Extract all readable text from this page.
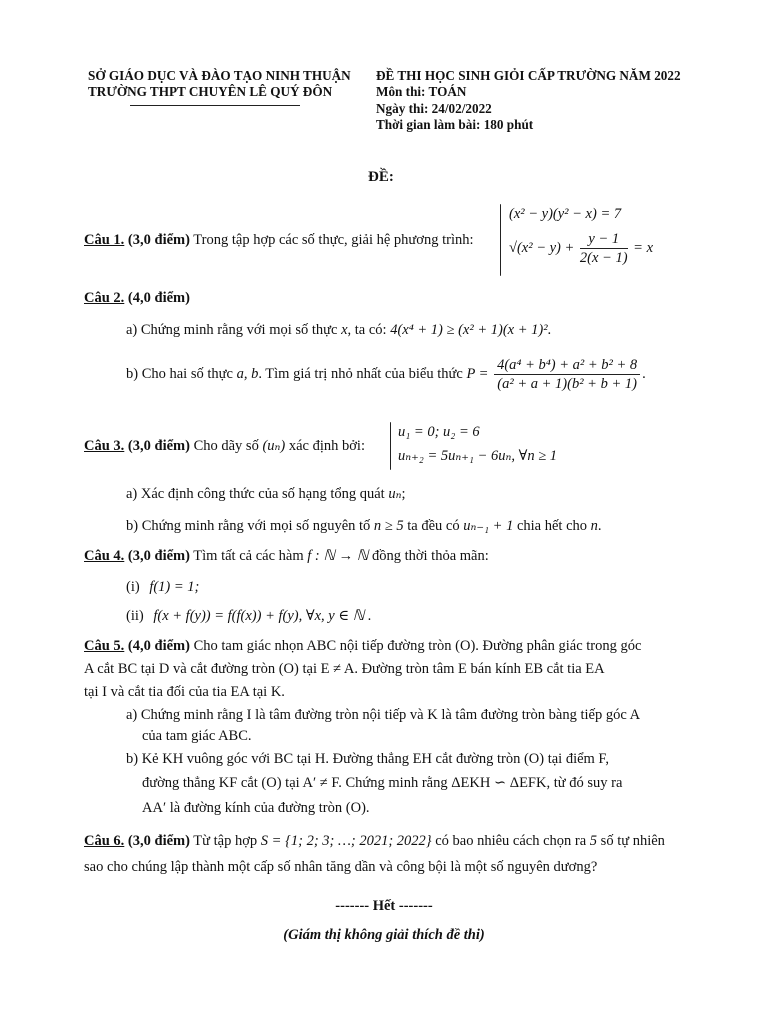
SỞ GIÁO DỤC VÀ ĐÀO TẠO NINH THUẬN
TRƯỜNG THPT CHUYÊN LÊ QUÝ ĐÔN
ĐỀ THI HỌC SINH GIỎI CẤP TRƯỜNG NĂM 2022
Môn thi: TOÁN
Ngày thi: 24/02/2022
Thời gian làm bài: 180 phút
ĐỀ:
Câu 1. (3,0 điểm) Trong tập hợp các số thực, giải hệ phương trình:
(x² − y)(y² − x) = 7
$√(x^2 - y) + \frac{y - 1}{2(x - 1)} = x$
Câu 2. (4,0 điểm)
a) Chứng minh rằng với mọi số thực x, ta có: 4(x⁴ + 1) ≥ (x² + 1)(x + 1)².
b) Cho hai số thực a, b. Tìm giá trị nhỏ nhất của biểu thức $P = \frac{\text{4(a⁴ + b⁴) + a² + b² + 8}}{\text{(a² + a + 1)(b² + b + 1)}}$ .
Câu 3. (3,0 điểm) Cho dãy số (uₙ) xác định bởi:
u₁ = 0; u₂ = 6
uₙ₊₂ = 5uₙ₊₁ − 6uₙ, ∀n ≥ 1
a) Xác định công thức của số hạng tổng quát uₙ;
b) Chứng minh rằng với mọi số nguyên tố n ≥ 5 ta đều có uₙ₋₁ + 1 chia hết cho n.
Câu 4. (3,0 điểm) Tìm tất cả các hàm f : ℕ → ℕ đồng thời thỏa mãn:
(i) f(1) = 1;
(ii) f(x + f(y)) = f(f(x)) + f(y), ∀x, y ∈ ℕ .
Câu 5. (4,0 điểm) Cho tam giác nhọn ABC nội tiếp đường tròn (O). Đường phân giác trong góc
A cắt BC tại D và cắt đường tròn (O) tại E ≠ A. Đường tròn tâm E bán kính EB cắt tia EA
tại I và cắt tia đối của tia EA tại K.
a) Chứng minh rằng I là tâm đường tròn nội tiếp và K là tâm đường tròn bàng tiếp góc A
của tam giác ABC.
b) Kẻ KH vuông góc với BC tại H. Đường thẳng EH cắt đường tròn (O) tại điểm F,
đường thẳng KF cắt (O) tại A′ ≠ F. Chứng minh rằng ΔEKH ∽ ΔEFK, từ đó suy ra
AA′ là đường kính của đường tròn (O).
Câu 6. (3,0 điểm) Từ tập hợp S = {1; 2; 3; …; 2021; 2022} có bao nhiêu cách chọn ra 5 số tự nhiên
sao cho chúng lập thành một cấp số nhân tăng dần và công bội là một số nguyên dương?
------- Hết -------
(Giám thị không giải thích đề thi)
